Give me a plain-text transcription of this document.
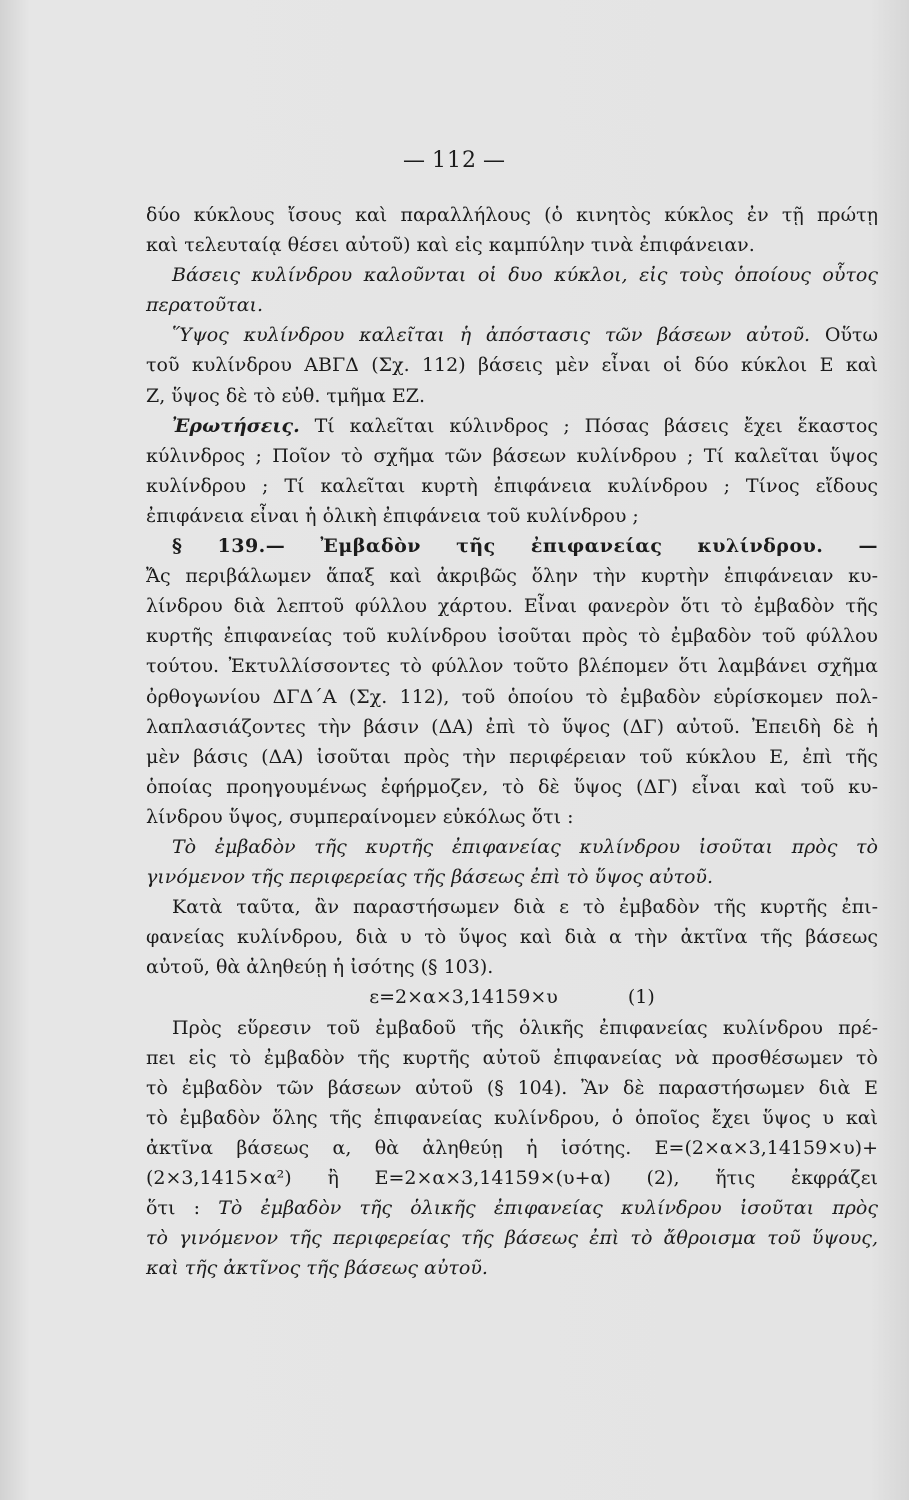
— 112 —
δύο κύκλους ἴσους καὶ παραλλήλους (ὁ κινητὸς κύκλος ἐν τῇ πρώτῃ
καὶ τελευταίᾳ θέσει αὐτοῦ) καὶ εἰς καμπύλην τινὰ ἐπιφάνειαν.
Βάσεις κυλίνδρου καλοῦνται οἱ δυο κύκλοι, εἰς τοὺς ὁποίους οὗτος
περατοῦται.
Ὕψος κυλίνδρου καλεῖται ἡ ἀπόστασις τῶν βάσεων αὐτοῦ. Οὕτω
τοῦ κυλίνδρου ΑΒΓΔ (Σχ. 112) βάσεις μὲν εἶναι οἱ δύο κύκλοι Ε καὶ
Ζ, ὕψος δὲ τὸ εὐθ. τμῆμα ΕΖ.
Ἐρωτήσεις. Τί καλεῖται κύλινδρος ; Πόσας βάσεις ἔχει ἕκαστος
κύλινδρος ; Ποῖον τὸ σχῆμα τῶν βάσεων κυλίνδρου ; Τί καλεῖται ὕψος
κυλίνδρου ; Τί καλεῖται κυρτὴ ἐπιφάνεια κυλίνδρου ; Τίνος εἴδους
ἐπιφάνεια εἶναι ἡ ὁλικὴ ἐπιφάνεια τοῦ κυλίνδρου ;
§ 139.— Ἐμβαδὸν τῆς ἐπιφανείας κυλίνδρου. —
Ἄς περιβάλωμεν ἅπαξ καὶ ἀκριβῶς ὅλην τὴν κυρτὴν ἐπιφάνειαν κυ-
λίνδρου διὰ λεπτοῦ φύλλου χάρτου. Εἶναι φανερὸν ὅτι τὸ ἐμβαδὸν τῆς
κυρτῆς ἐπιφανείας τοῦ κυλίνδρου ἰσοῦται πρὸς τὸ ἐμβαδὸν τοῦ φύλλου
τούτου. Ἐκτυλλίσσοντες τὸ φύλλον τοῦτο βλέπομεν ὅτι λαμβάνει σχῆμα
ὀρθογωνίου ΔΓΔ΄Α (Σχ. 112), τοῦ ὁποίου τὸ ἐμβαδὸν εὑρίσκομεν πολ-
λαπλασιάζοντες τὴν βάσιν (ΔΑ) ἐπὶ τὸ ὕψος (ΔΓ) αὐτοῦ. Ἐπειδὴ δὲ ἡ
μὲν βάσις (ΔΑ) ἰσοῦται πρὸς τὴν περιφέρειαν τοῦ κύκλου Ε, ἐπὶ τῆς
ὁποίας προηγουμένως ἐφήρμοζεν, τὸ δὲ ὕψος (ΔΓ) εἶναι καὶ τοῦ κυ-
λίνδρου ὕψος, συμπεραίνομεν εὐκόλως ὅτι :
Τὸ ἐμβαδὸν τῆς κυρτῆς ἐπιφανείας κυλίνδρου ἰσοῦται πρὸς τὸ
γινόμενον τῆς περιφερείας τῆς βάσεως ἐπὶ τὸ ὕψος αὐτοῦ.
Κατὰ ταῦτα, ἂν παραστήσωμεν διὰ ε τὸ ἐμβαδὸν τῆς κυρτῆς ἐπι-
φανείας κυλίνδρου, διὰ υ τὸ ὕψος καὶ διὰ α τὴν ἀκτῖνα τῆς βάσεως
αὐτοῦ, θὰ ἀληθεύῃ ἡ ἰσότης (§ 103).
ε=2×α×3,14159×υ	(1)
Πρὸς εὕρεσιν τοῦ ἐμβαδοῦ τῆς ὁλικῆς ἐπιφανείας κυλίνδρου πρέ-
πει εἰς τὸ ἐμβαδὸν τῆς κυρτῆς αὐτοῦ ἐπιφανείας νὰ προσθέσωμεν τὸ
τὸ ἐμβαδὸν τῶν βάσεων αὐτοῦ (§ 104). Ἂν δὲ παραστήσωμεν διὰ Ε
τὸ ἐμβαδὸν ὅλης τῆς ἐπιφανείας κυλίνδρου, ὁ ὁποῖος ἔχει ὕψος υ καὶ
ἀκτῖνα βάσεως α, θὰ ἀληθεύῃ ἡ ἰσότης. Ε=(2×α×3,14159×υ)+
(2×3,1415×α²) ἢ Ε=2×α×3,14159×(υ+α) (2), ἥτις ἐκφράζει
ὅτι : Τὸ ἐμβαδὸν τῆς ὁλικῆς ἐπιφανείας κυλίνδρου ἰσοῦται πρὸς
τὸ γινόμενον τῆς περιφερείας τῆς βάσεως ἐπὶ τὸ ἄθροισμα τοῦ ὕψους,
καὶ τῆς ἀκτῖνος τῆς βάσεως αὐτοῦ.
